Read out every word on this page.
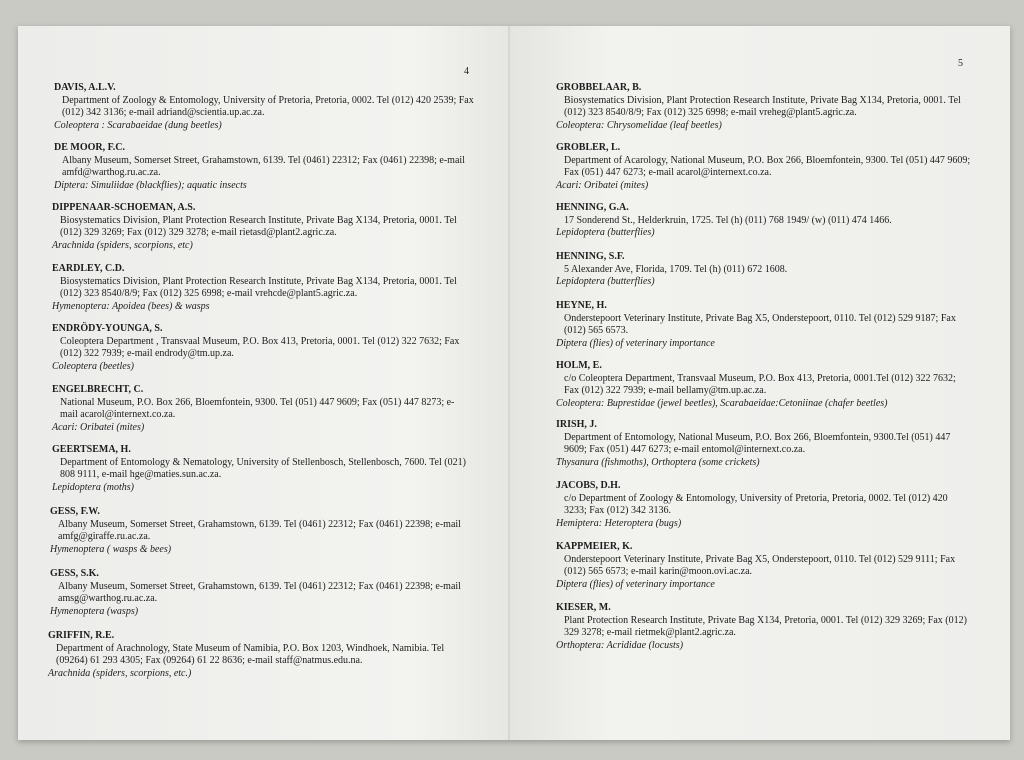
4
DAVIS, A.L.V.
Department of Zoology & Entomology, University of Pretoria, Pretoria, 0002. Tel (012) 420 2539; Fax (012) 342 3136; e-mail adriand@scientia.up.ac.za.
Coleoptera : Scarabaeidae (dung beetles)
DE MOOR, F.C.
Albany Museum, Somerset Street, Grahamstown, 6139. Tel (0461) 22312; Fax (0461) 22398; e-mail amfd@warthog.ru.ac.za.
Diptera: Simuliidae (blackflies); aquatic insects
DIPPENAAR-SCHOEMAN, A.S.
Biosystematics Division, Plant Protection Research Institute, Private Bag X134, Pretoria, 0001. Tel (012) 329 3269; Fax (012) 329 3278; e-mail rietasd@plant2.agric.za.
Arachnida (spiders, scorpions, etc)
EARDLEY, C.D.
Biosystematics Division, Plant Protection Research Institute, Private Bag X134, Pretoria, 0001. Tel (012) 323 8540/8/9; Fax (012) 325 6998; e-mail vrehcde@plant5.agric.za.
Hymenoptera: Apoidea (bees) & wasps
ENDRÖDY-YOUNGA, S.
Coleoptera Department , Transvaal Museum, P.O. Box 413, Pretoria, 0001. Tel (012) 322 7632; Fax (012) 322 7939; e-mail endrody@tm.up.za.
Coleoptera (beetles)
ENGELBRECHT, C.
National Museum, P.O. Box 266, Bloemfontein, 9300. Tel (051) 447 9609; Fax (051) 447 8273; e-mail acarol@internext.co.za.
Acari: Oribatei (mites)
GEERTSEMA, H.
Department of Entomology & Nematology, University of Stellenbosch, Stellenbosch, 7600. Tel (021) 808 9111, e-mail hge@maties.sun.ac.za.
Lepidoptera (moths)
GESS, F.W.
Albany Museum, Somerset Street, Grahamstown, 6139. Tel (0461) 22312; Fax (0461) 22398; e-mail amfg@giraffe.ru.ac.za.
Hymenoptera ( wasps & bees)
GESS, S.K.
Albany Museum, Somerset Street, Grahamstown, 6139. Tel (0461) 22312; Fax (0461) 22398; e-mail amsg@warthog.ru.ac.za.
Hymenoptera (wasps)
GRIFFIN, R.E.
Department of Arachnology, State Museum of Namibia, P.O. Box 1203, Windhoek, Namibia. Tel (09264) 61 293 4305; Fax (09264) 61 22 8636; e-mail staff@natmus.edu.na.
Arachnida (spiders, scorpions, etc.)
5
GROBBELAAR, B.
Biosystematics Division, Plant Protection Research Institute, Private Bag X134, Pretoria, 0001. Tel (012) 323 8540/8/9; Fax (012) 325 6998; e-mail vreheg@plant5.agric.za.
Coleoptera: Chrysomelidae (leaf beetles)
GROBLER, L.
Department of Acarology, National Museum, P.O. Box 266, Bloemfontein, 9300. Tel (051) 447 9609; Fax (051) 447 6273; e-mail acarol@internext.co.za.
Acari: Oribatei (mites)
HENNING, G.A.
17 Sonderend St., Helderkruin, 1725. Tel (h) (011) 768 1949/ (w) (011) 474 1466.
Lepidoptera (butterflies)
HENNING, S.F.
5 Alexander Ave, Florida, 1709. Tel (h) (011) 672 1608.
Lepidoptera (butterflies)
HEYNE, H.
Onderstepoort Veterinary Institute, Private Bag X5, Onderstepoort, 0110. Tel (012) 529 9187; Fax (012) 565 6573.
Diptera (flies) of veterinary importance
HOLM, E.
c/o Coleoptera Department, Transvaal Museum, P.O. Box 413, Pretoria, 0001.Tel (012) 322 7632; Fax (012) 322 7939; e-mail bellamy@tm.up.ac.za.
Coleoptera: Buprestidae (jewel beetles), Scarabaeidae:Cetoniinae (chafer beetles)
IRISH, J.
Department of Entomology, National Museum, P.O. Box 266, Bloemfontein, 9300.Tel (051) 447 9609; Fax (051) 447 6273; e-mail entomol@internext.co.za.
Thysanura (fishmoths), Orthoptera (some crickets)
JACOBS, D.H.
c/o Department of Zoology & Entomology, University of Pretoria, Pretoria, 0002. Tel (012) 420 3233; Fax (012) 342 3136.
Hemiptera: Heteroptera (bugs)
KAPPMEIER, K.
Onderstepoort Veterinary Institute, Private Bag X5, Onderstepoort, 0110. Tel (012) 529 9111; Fax (012) 565 6573; e-mail karin@moon.ovi.ac.za.
Diptera (flies) of veterinary importance
KIESER, M.
Plant Protection Research Institute, Private Bag X134, Pretoria, 0001. Tel (012) 329 3269; Fax (012) 329 3278; e-mail rietmek@plant2.agric.za.
Orthoptera: Acrididae (locusts)
